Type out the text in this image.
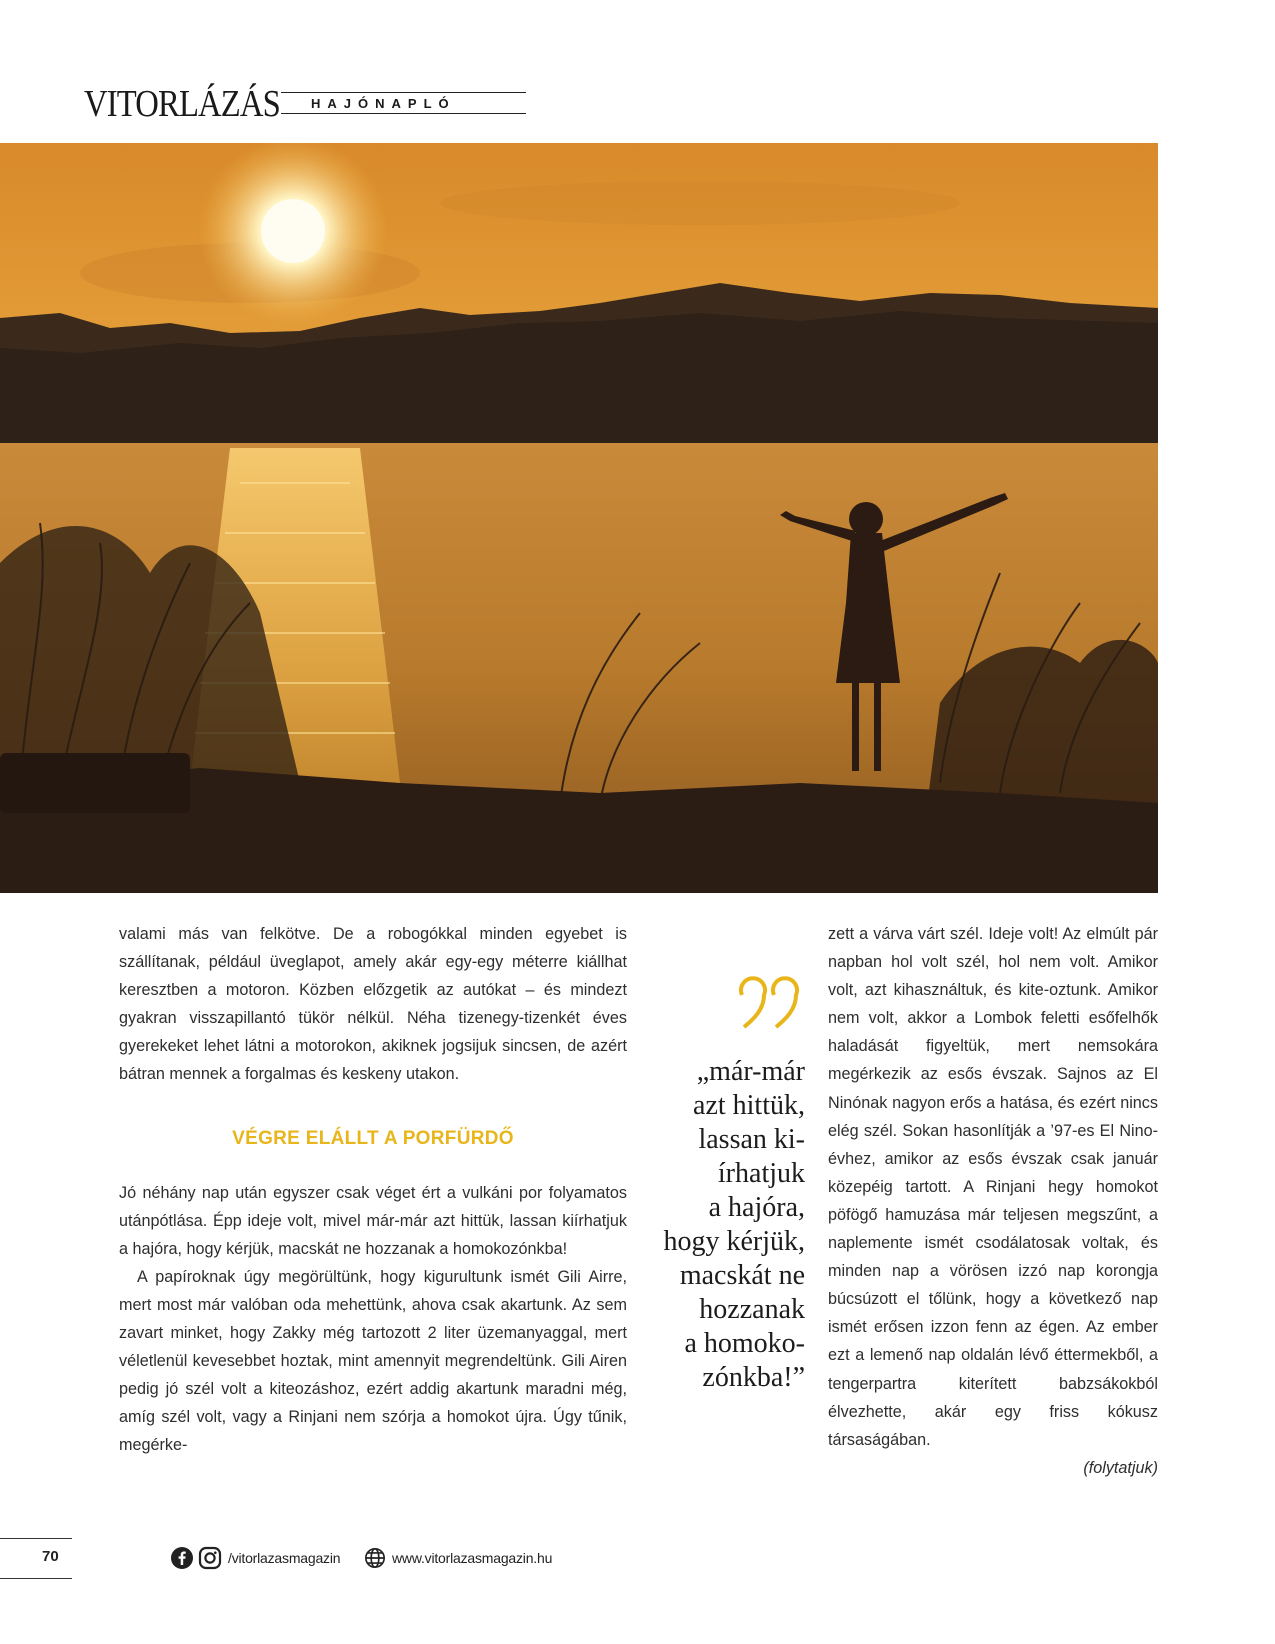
VITORLÁZÁS	HAJÓNAPLÓ

valami más van felkötve. De a robogókkal minden egyebet is szállítanak, például üveglapot, amely akár egy-egy méterre kiállhat keresztben a motoron. Közben előzgetik az autókat – és mindezt gyakran visszapillantó tükör nélkül. Néha tizenegy-tizenkét éves gyerekeket lehet látni a motorokon, akiknek jogsijuk sincsen, de azért bátran mennek a forgalmas és keskeny utakon.

VÉGRE ELÁLLT A PORFÜRDŐ

Jó néhány nap után egyszer csak véget ért a vulkáni por folyamatos utánpótlása. Épp ideje volt, mivel már-már azt hittük, lassan kiírhatjuk a hajóra, hogy kérjük, macskát ne hozzanak a homokozónkba!

A papíroknak úgy megörültünk, hogy kigurultunk ismét Gili Airre, mert most már valóban oda mehettünk, ahova csak akartunk. Az sem zavart minket, hogy Zakky még tartozott 2 liter üzemanyaggal, mert véletlenül kevesebbet hoztak, mint amennyit megrendeltünk. Gili Airen pedig jó szél volt a kiteozáshoz, ezért addig akartunk maradni még, amíg szél volt, vagy a Rinjani nem szórja a homokot újra. Úgy tűnik, megérke-

„már-már
azt hittük,
lassan ki-
írhatjuk
a hajóra,
hogy kérjük,
macskát ne
hozzanak
a homoko-
zónkba!”

zett a várva várt szél. Ideje volt! Az elmúlt pár napban hol volt szél, hol nem volt. Amikor volt, azt kihasználtuk, és kite-oztunk. Amikor nem volt, akkor a Lombok feletti esőfelhők haladását figyeltük, mert nemsokára megérkezik az esős évszak. Sajnos az El Ninónak nagyon erős a hatása, és ezért nincs elég szél. Sokan hasonlítják a ’97-es El Nino-évhez, amikor az esős évszak csak január közepéig tartott. A Rinjani hegy homokot pöfögő hamuzása már teljesen megszűnt, a naplemente ismét csodálatosak voltak, és minden nap a vörösen izzó nap korongja búcsúzott el tőlünk, hogy a következő nap ismét erősen izzon fenn az égen. Az ember ezt a lemenő nap oldalán lévő éttermekből, a tengerpartra kiterített babzsákokból élvezhette, akár egy friss kókusz társaságában.

(folytatjuk)

70	/vitorlazasmagazin	www.vitorlazasmagazin.hu
